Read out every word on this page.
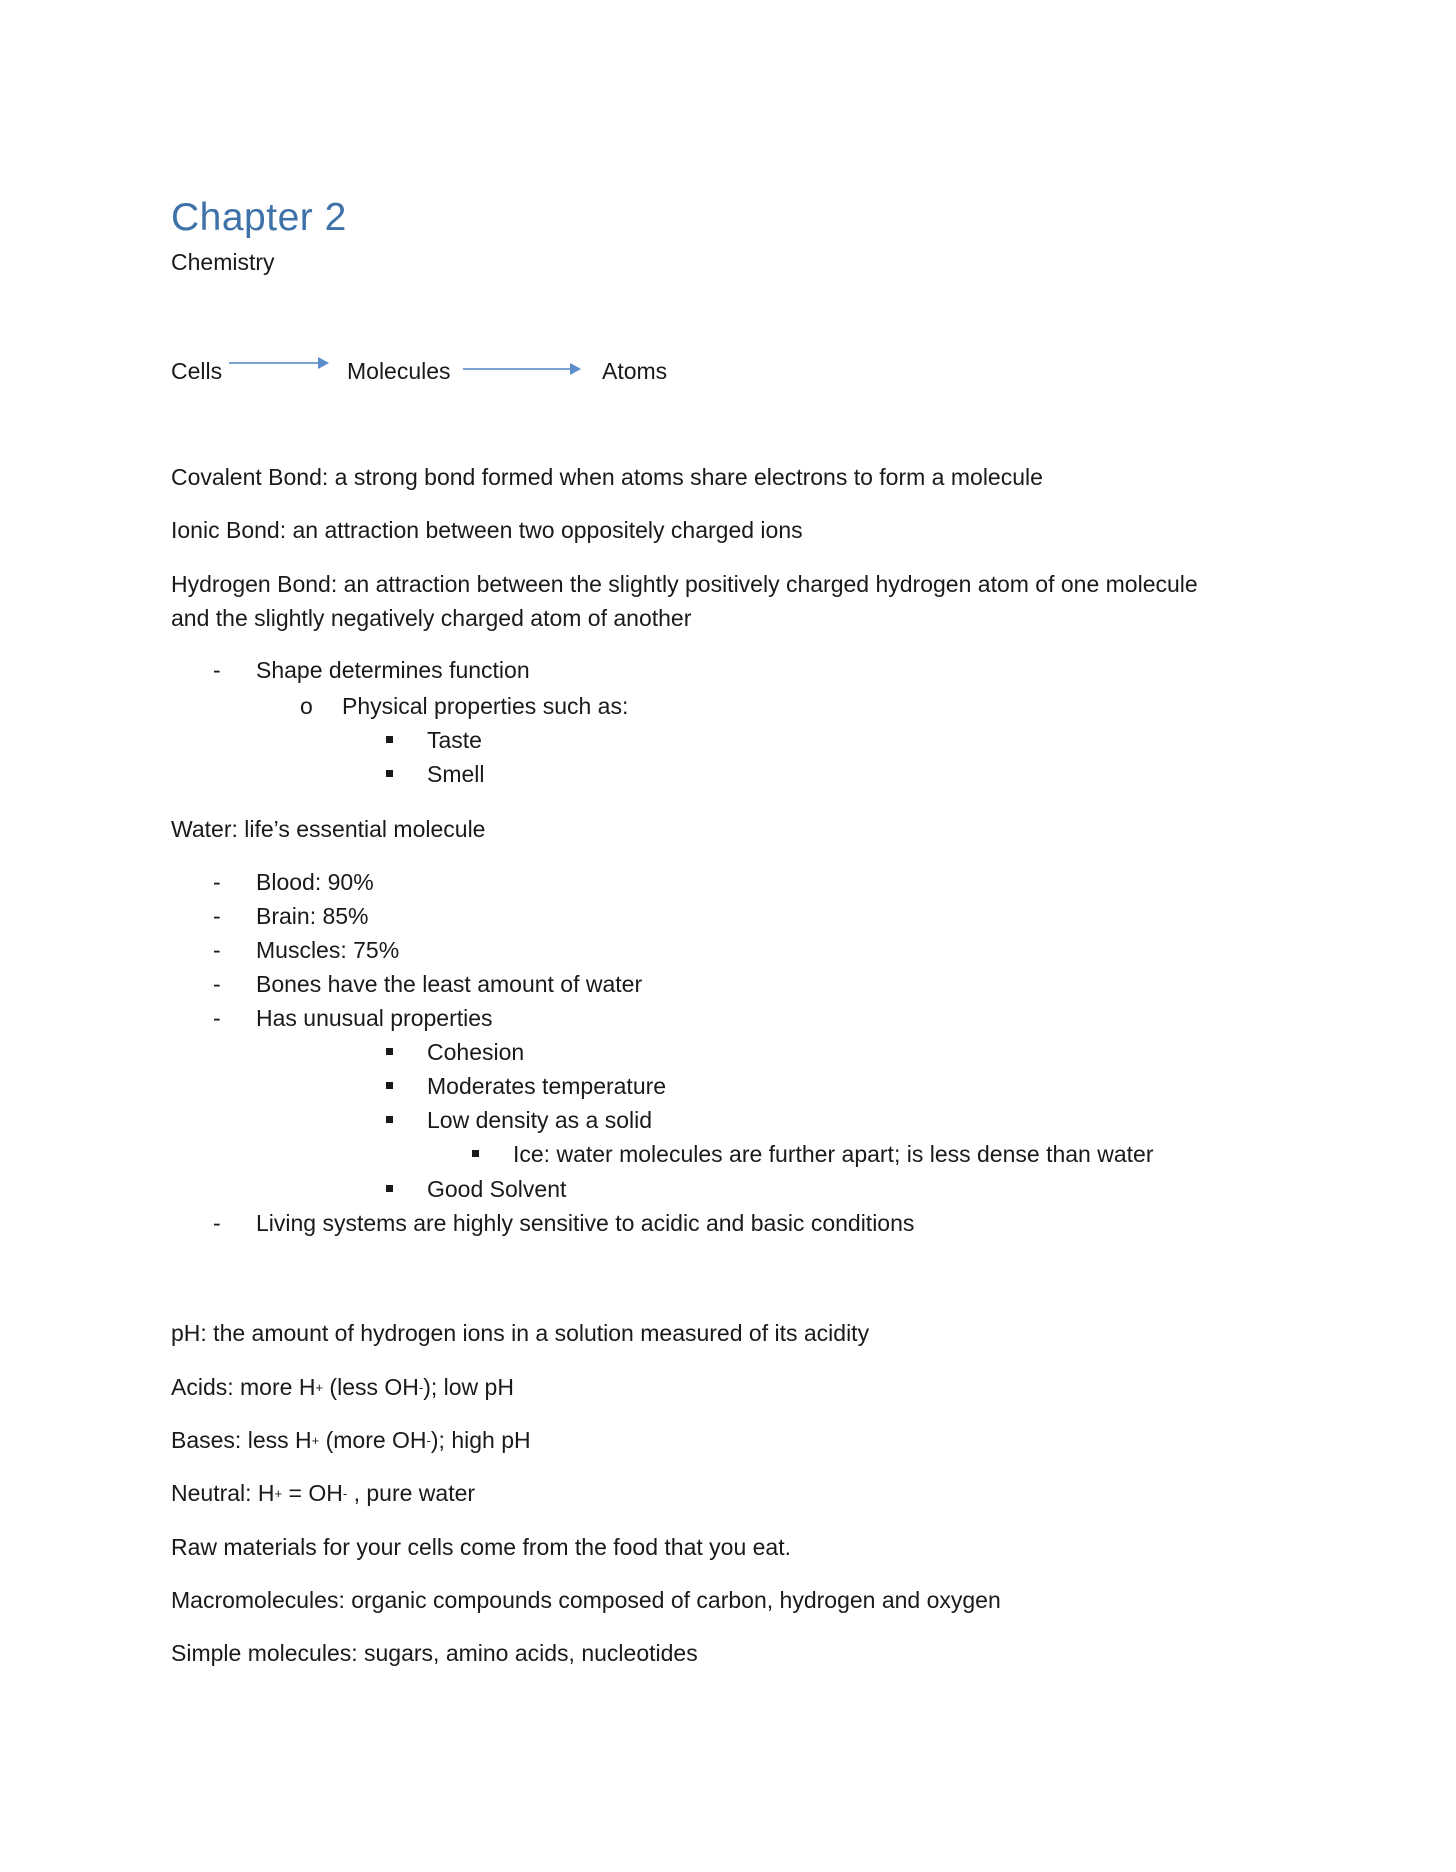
Chapter 2
Chemistry
Cells	Molecules	Atoms
Covalent Bond: a strong bond formed when atoms share electrons to form a molecule
Ionic Bond: an attraction between two oppositely charged ions
Hydrogen Bond: an attraction between the slightly positively charged hydrogen atom of one molecule
and the slightly negatively charged atom of another
- Shape determines function
o Physical properties such as:
Taste
Smell
Water: life’s essential molecule
- Blood: 90%
- Brain: 85%
- Muscles: 75%
- Bones have the least amount of water
- Has unusual properties
Cohesion
Moderates temperature
Low density as a solid
Ice: water molecules are further apart; is less dense than water
Good Solvent
- Living systems are highly sensitive to acidic and basic conditions
pH: the amount of hydrogen ions in a solution measured of its acidity
Acids: more H+ (less OH-); low pH
Bases: less H+ (more OH-); high pH
Neutral: H+ = OH- , pure water
Raw materials for your cells come from the food that you eat.
Macromolecules: organic compounds composed of carbon, hydrogen and oxygen
Simple molecules: sugars, amino acids, nucleotides
